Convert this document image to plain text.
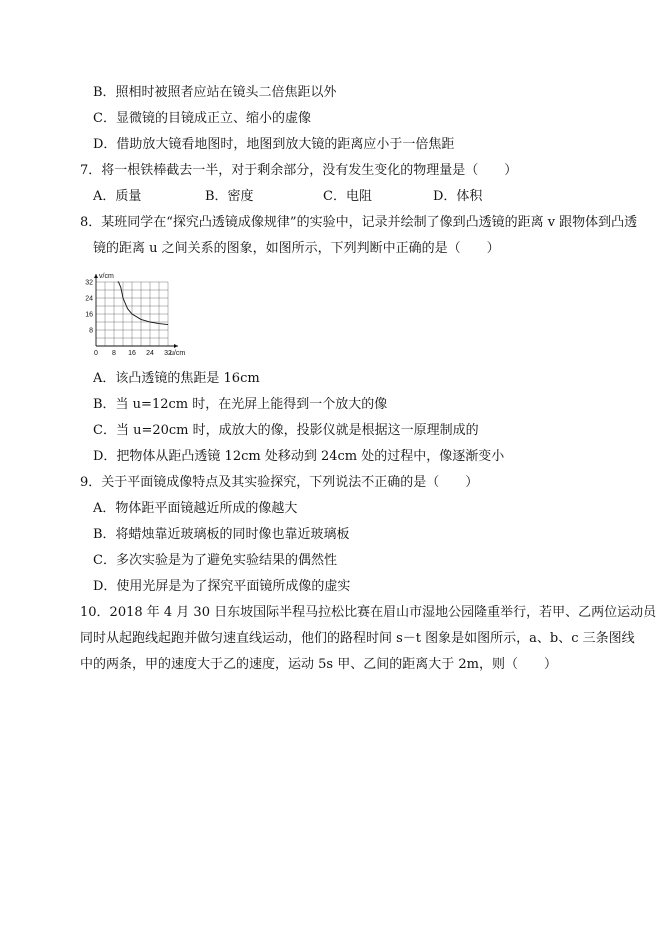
B．照相时被照者应站在镜头二倍焦距以外
C．显微镜的目镜成正立、缩小的虚像
D．借助放大镜看地图时，地图到放大镜的距离应小于一倍焦距
7．将一根铁棒截去一半，对于剩余部分，没有发生变化的物理量是（　　）
A．质量	B．密度	C．电阻	D．体积
8．某班同学在“探究凸透镜成像规律”的实验中，记录并绘制了像到凸透镜的距离 v 跟物体到凸透
镜的距离 u 之间关系的图象，如图所示，下列判断中正确的是（　　）
0 8 16 24 32
8
16
24
32
v/cm
u/cm
A．该凸透镜的焦距是 16cm
B．当 u=12cm 时，在光屏上能得到一个放大的像
C．当 u=20cm 时，成放大的像，投影仪就是根据这一原理制成的
D．把物体从距凸透镜 12cm 处移动到 24cm 处的过程中，像逐渐变小
9．关于平面镜成像特点及其实验探究，下列说法不正确的是（　　）
A．物体距平面镜越近所成的像越大
B．将蜡烛靠近玻璃板的同时像也靠近玻璃板
C．多次实验是为了避免实验结果的偶然性
D．使用光屏是为了探究平面镜所成像的虚实
10．2018 年 4 月 30 日东坡国际半程马拉松比赛在眉山市湿地公园隆重举行，若甲、乙两位运动员
同时从起跑线起跑并做匀速直线运动，他们的路程时间 s－t 图象是如图所示，a、b、c 三条图线
中的两条，甲的速度大于乙的速度，运动 5s 甲、乙间的距离大于 2m，则（　　）
